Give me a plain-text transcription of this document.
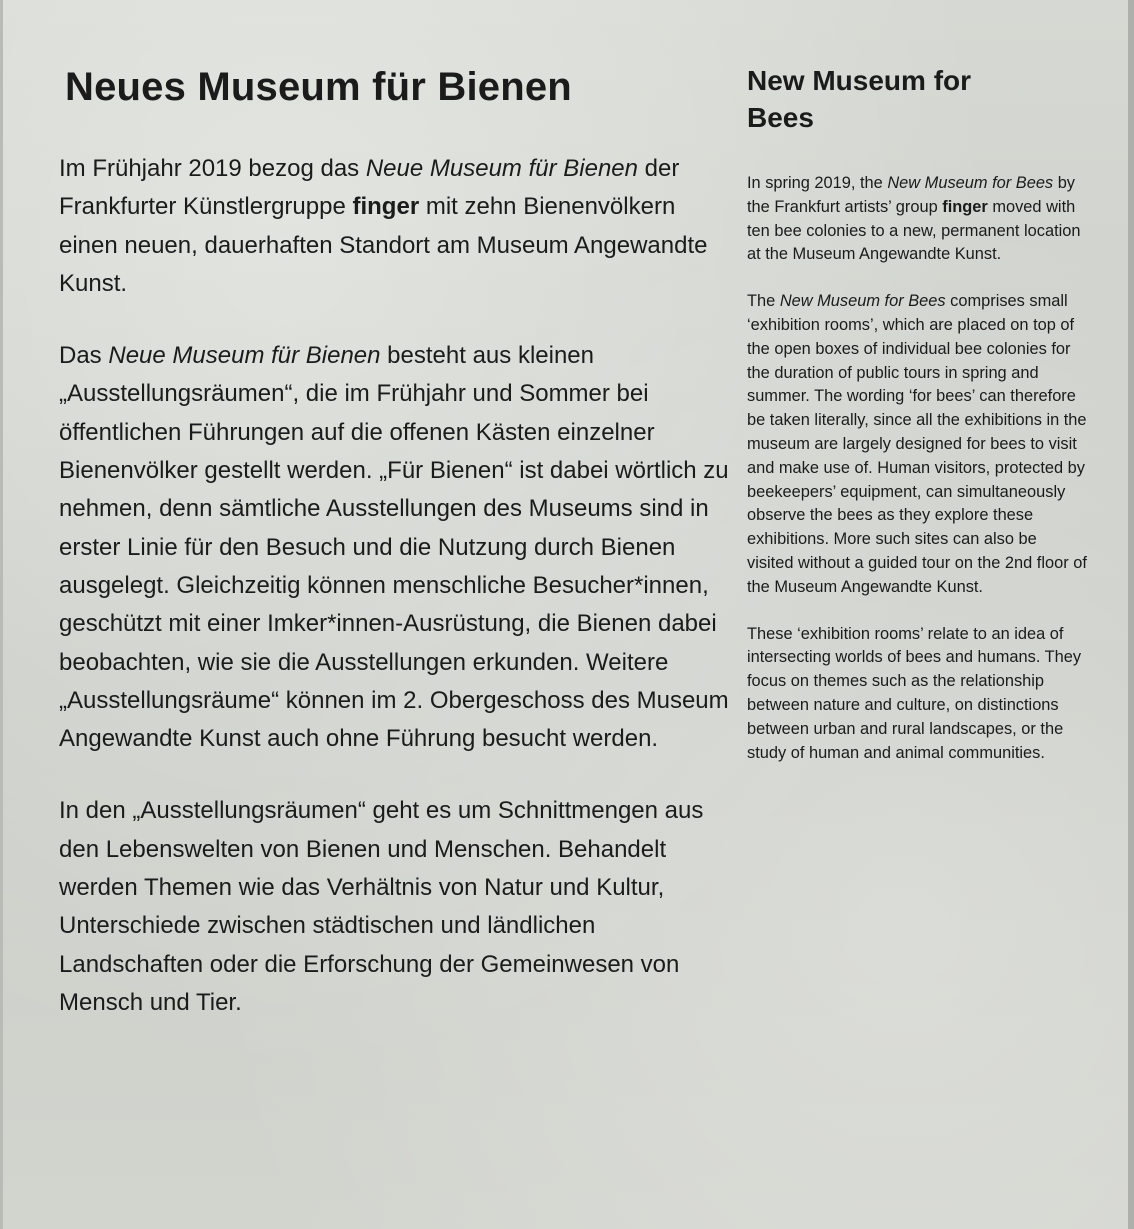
Neues Museum für Bienen

Im Frühjahr 2019 bezog das Neue Museum für Bienen der Frankfurter Künstlergruppe finger mit zehn Bienenvölkern einen neuen, dauerhaften Standort am Museum Angewandte Kunst.

Das Neue Museum für Bienen besteht aus kleinen „Ausstellungsräumen“, die im Frühjahr und Sommer bei öffentlichen Führungen auf die offenen Kästen einzelner Bienenvölker gestellt werden. „Für Bienen“ ist dabei wörtlich zu nehmen, denn sämtliche Ausstellungen des Museums sind in erster Linie für den Besuch und die Nutzung durch Bienen ausgelegt. Gleichzeitig können menschliche Besucher*innen, geschützt mit einer Imker*innen-Ausrüstung, die Bienen dabei beobachten, wie sie die Ausstellungen erkunden. Weitere „Ausstellungsräume“ können im 2. Obergeschoss des Museum Angewandte Kunst auch ohne Führung besucht werden.

In den „Ausstellungsräumen“ geht es um Schnittmengen aus den Lebenswelten von Bienen und Menschen. Behandelt werden Themen wie das Verhältnis von Natur und Kultur, Unterschiede zwischen städtischen und ländlichen Landschaften oder die Erforschung der Gemeinwesen von Mensch und Tier.

New Museum for Bees

In spring 2019, the New Museum for Bees by the Frankfurt artists’ group finger moved with ten bee colonies to a new, permanent location at the Museum Angewandte Kunst.

The New Museum for Bees comprises small ‘exhibition rooms’, which are placed on top of the open boxes of individual bee colonies for the duration of public tours in spring and summer. The wording ‘for bees’ can therefore be taken literally, since all the exhibitions in the museum are largely designed for bees to visit and make use of. Human visitors, protected by beekeepers’ equipment, can simultaneously observe the bees as they explore these exhibitions. More such sites can also be visited without a guided tour on the 2nd floor of the Museum Angewandte Kunst.

These ‘exhibition rooms’ relate to an idea of intersecting worlds of bees and humans. They focus on themes such as the relationship between nature and culture, on distinctions between urban and rural landscapes, or the study of human and animal communities.
